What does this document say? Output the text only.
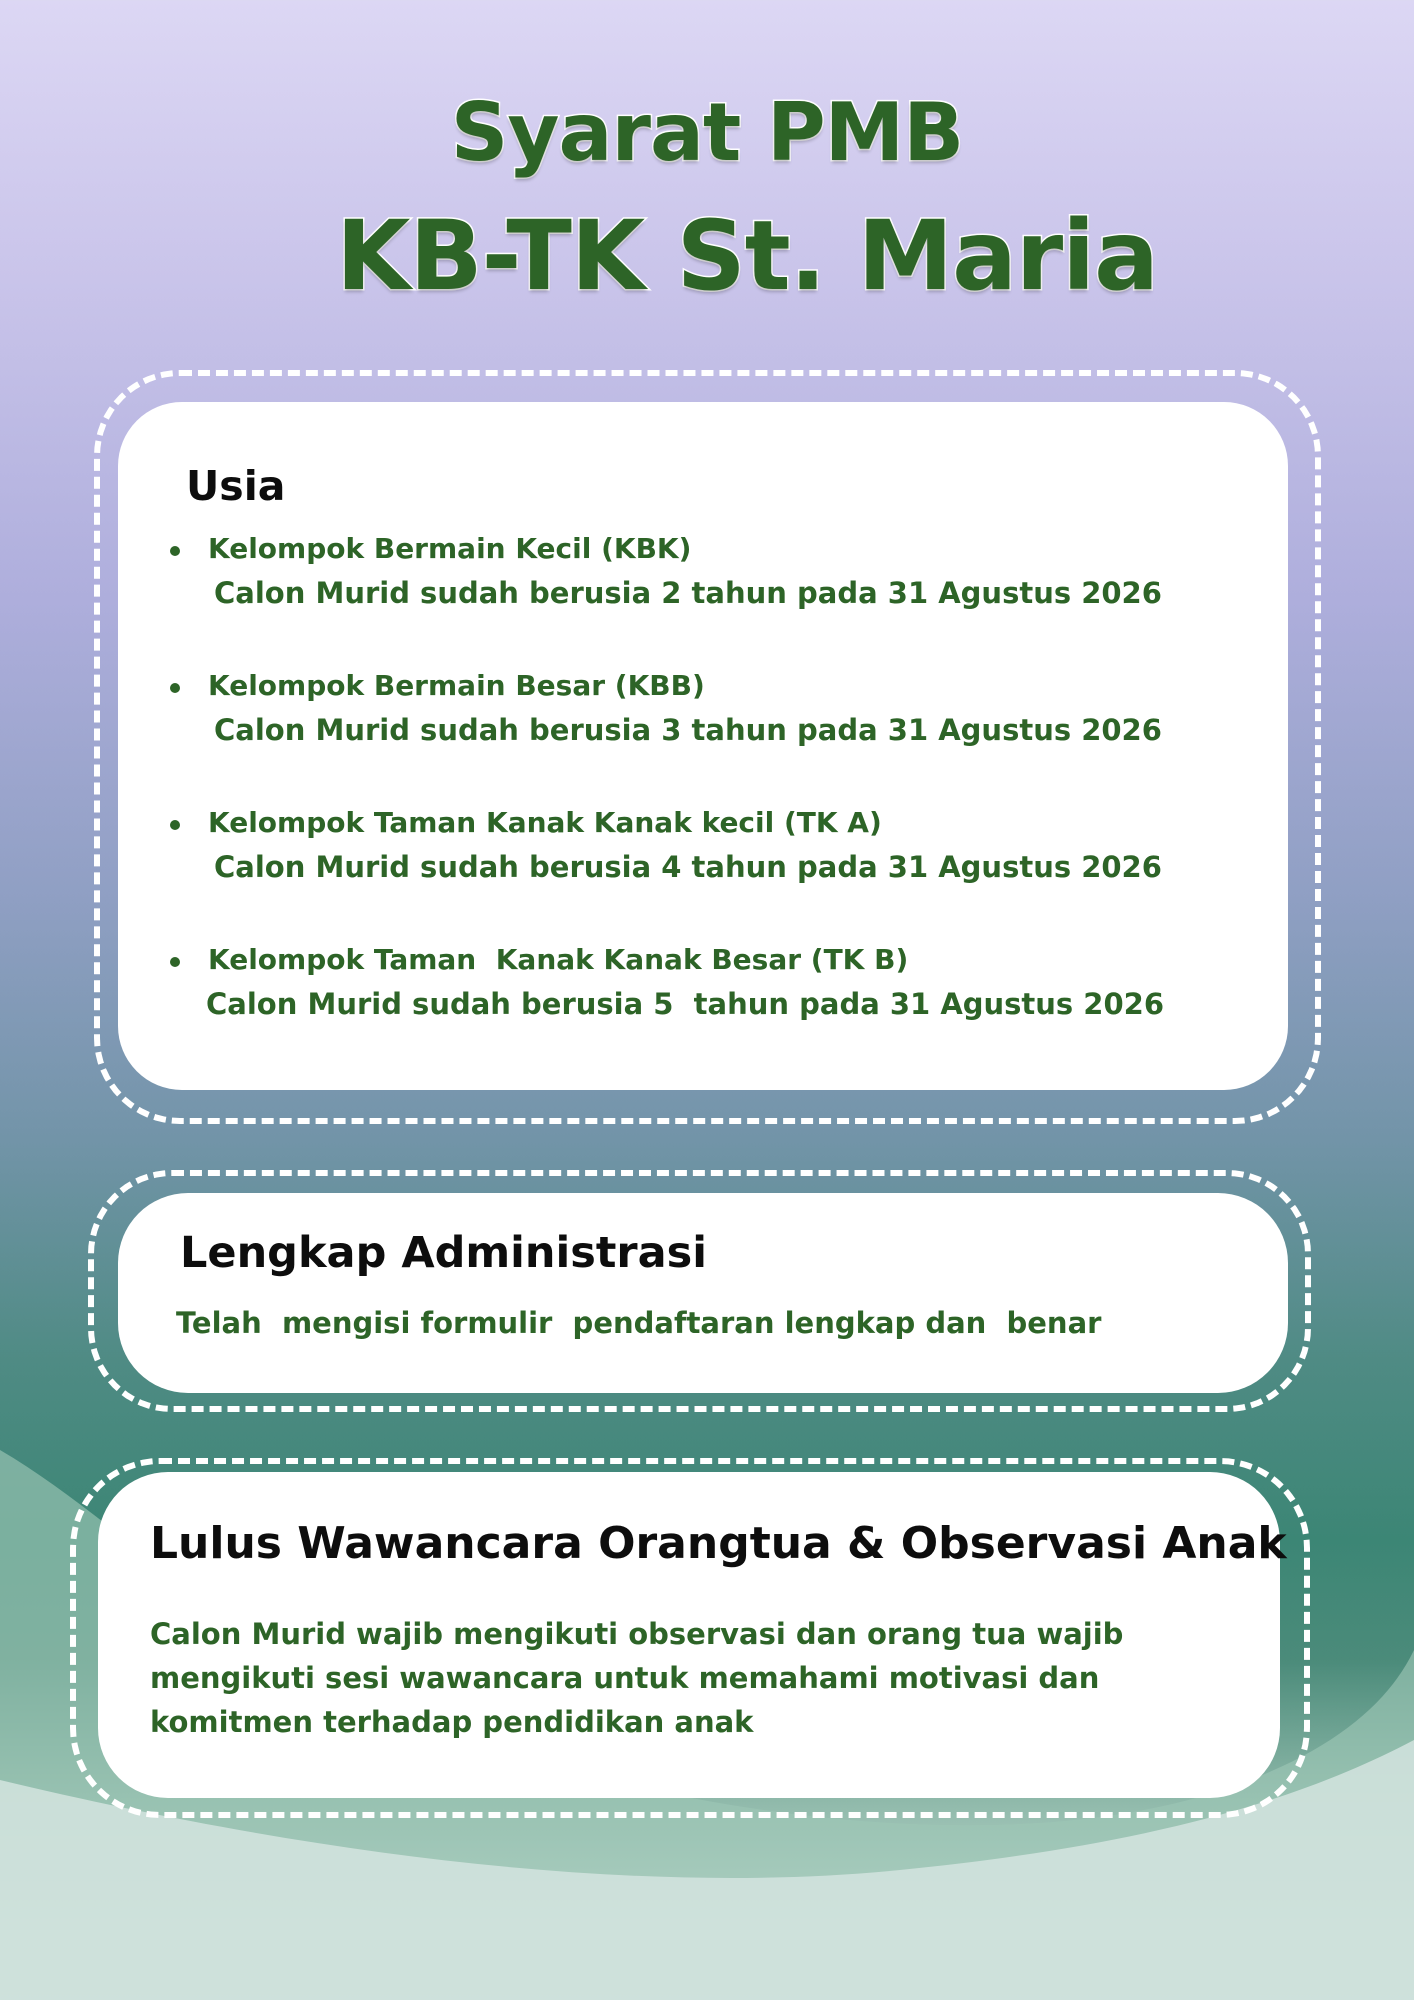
Syarat PMB
KB-TK St. Maria
Usia
Kelompok Bermain Kecil (KBK)
Calon Murid sudah berusia 2 tahun pada 31 Agustus 2026
Kelompok Bermain Besar (KBB)
Calon Murid sudah berusia 3 tahun pada 31 Agustus 2026
Kelompok Taman Kanak Kanak kecil (TK A)
Calon Murid sudah berusia 4 tahun pada 31 Agustus 2026
Kelompok Taman  Kanak Kanak Besar (TK B)
Calon Murid sudah berusia 5  tahun pada 31 Agustus 2026
Lengkap Administrasi

Telah  mengisi formulir  pendaftaran lengkap dan  benar

Lulus Wawancara Orangtua & Observasi Anak

Calon Murid wajib mengikuti observasi dan orang tua wajib mengikuti sesi wawancara untuk memahami motivasi dan komitmen terhadap pendidikan anak
